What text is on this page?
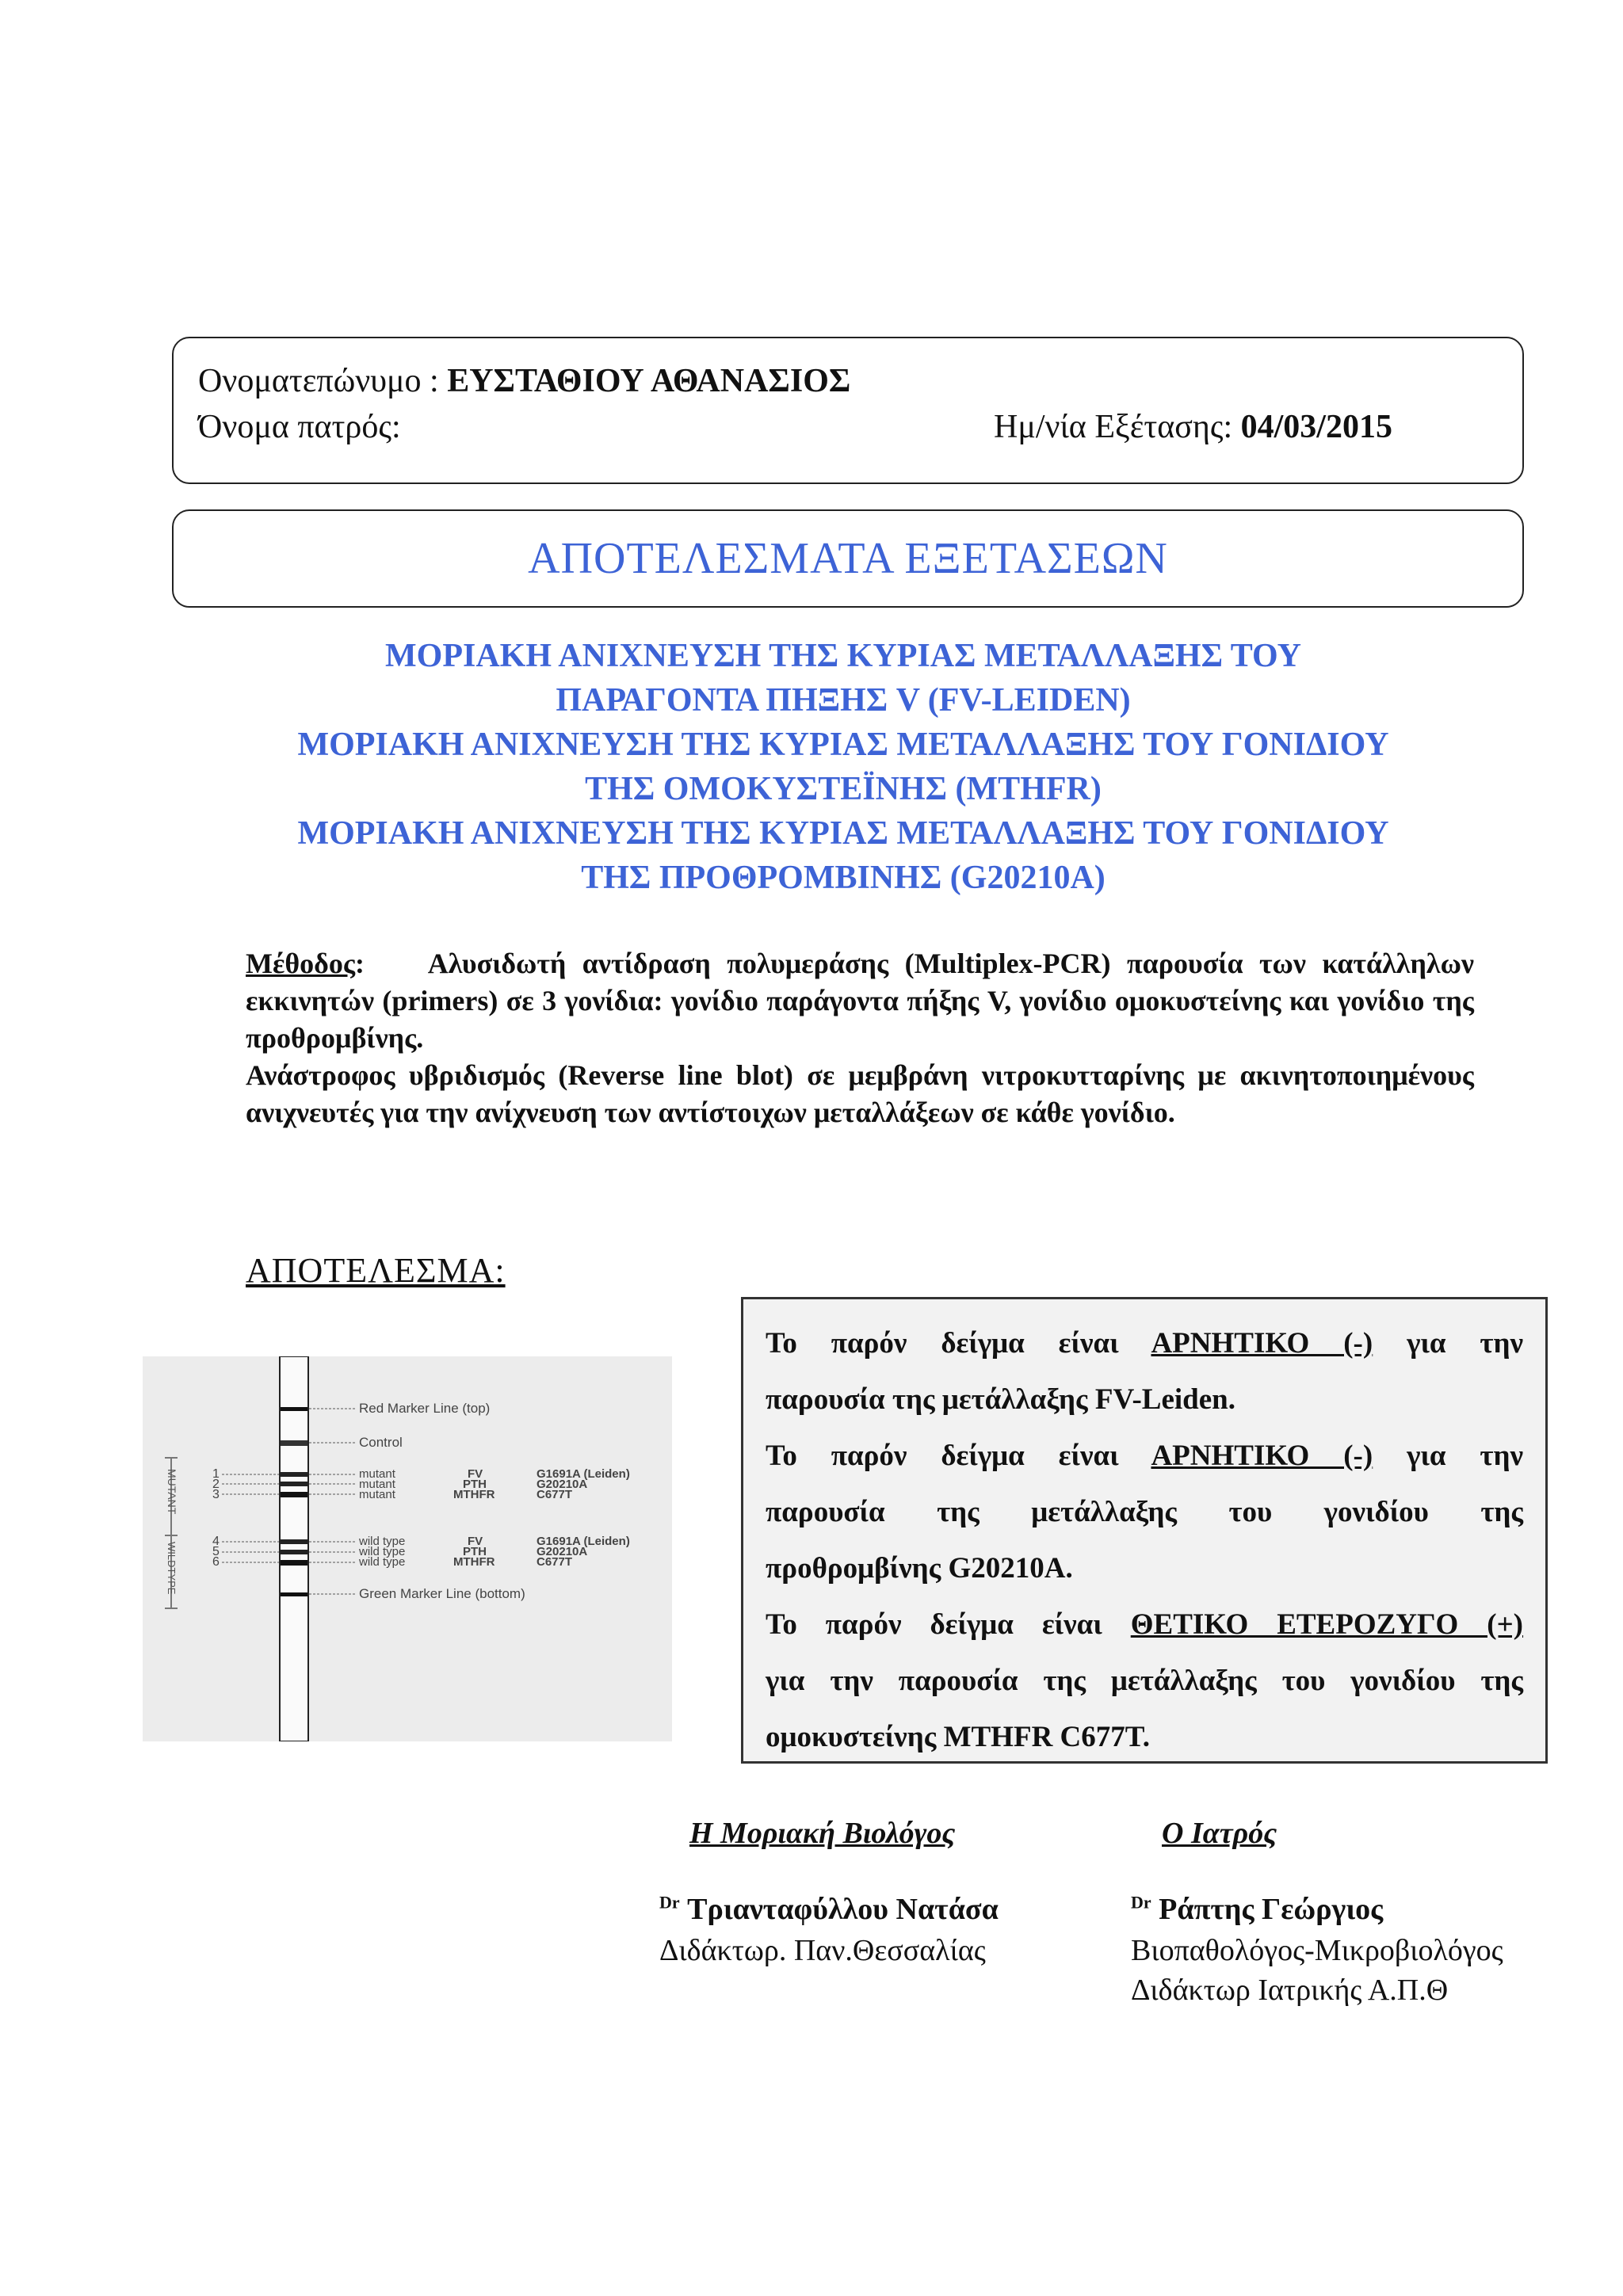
Ονοματεπώνυμο : ΕΥΣΤΑΘΙΟΥ ΑΘΑΝΑΣΙΟΣ
Όνομα πατρός:	Ημ/νία Εξέτασης: 04/03/2015
ΑΠΟΤΕΛΕΣΜΑΤΑ ΕΞΕΤΑΣΕΩΝ
ΜΟΡΙΑΚΗ ΑΝΙΧΝΕΥΣΗ ΤΗΣ ΚΥΡΙΑΣ ΜΕΤΑΛΛΑΞΗΣ ΤΟΥ
ΠΑΡΑΓΟΝΤΑ ΠΗΞΗΣ V (FV-LEIDEN)
ΜΟΡΙΑΚΗ ΑΝΙΧΝΕΥΣΗ ΤΗΣ ΚΥΡΙΑΣ ΜΕΤΑΛΛΑΞΗΣ ΤΟΥ ΓΟΝΙΔΙΟΥ
ΤΗΣ ΟΜΟΚΥΣΤΕΪΝΗΣ (MTHFR)
ΜΟΡΙΑΚΗ ΑΝΙΧΝΕΥΣΗ ΤΗΣ ΚΥΡΙΑΣ ΜΕΤΑΛΛΑΞΗΣ ΤΟΥ ΓΟΝΙΔΙΟΥ
ΤΗΣ ΠΡΟΘΡΟΜΒΙΝΗΣ (G20210A)
Μέθοδος: Αλυσιδωτή αντίδραση πολυμεράσης (Multiplex-PCR) παρουσία των κατάλληλων εκκινητών (primers) σε 3 γονίδια: γονίδιο παράγοντα πήξης V, γονίδιο ομοκυστείνης και γονίδιο της προθρομβίνης.
Ανάστροφος υβριδισμός (Reverse line blot) σε μεμβράνη νιτροκυτταρίνης με ακινητοποιημένους ανιχνευτές για την ανίχνευση των αντίστοιχων μεταλλάξεων σε κάθε γονίδιο.
ΑΠΟΤΕΛΕΣΜΑ:
MUTANT
WILDTYPE
Red Marker Line (top)
Control
1	mutant	FV	G1691A (Leiden)
2	mutant	PTH	G20210A
3	mutant	MTHFR	C677T
4	wild type	FV	G1691A (Leiden)
5	wild type	PTH	G20210A
6	wild type	MTHFR	C677T
Green Marker Line (bottom)
Το παρόν δείγμα είναι ΑΡΝΗΤΙΚΟ (-) για την
παρουσία της μετάλλαξης FV-Leiden.
Το παρόν δείγμα είναι ΑΡΝΗΤΙΚΟ (-) για την
παρουσία της μετάλλαξης του γονιδίου της
προθρομβίνης G20210A.
Το παρόν δείγμα είναι ΘΕΤΙΚΟ ΕΤΕΡΟΖΥΓΟ (+)
για την παρουσία της μετάλλαξης του γονιδίου της
ομοκυστείνης MTHFR C677T.
Η Μοριακή Βιολόγος	Ο Ιατρός
$^{Dr}$ Τριανταφύλλου Νατάσα
Διδάκτωρ. Παν.Θεσσαλίας
$^{Dr}$ Ράπτης Γεώργιος
Βιοπαθολόγος-Μικροβιολόγος
Διδάκτωρ Ιατρικής Α.Π.Θ
